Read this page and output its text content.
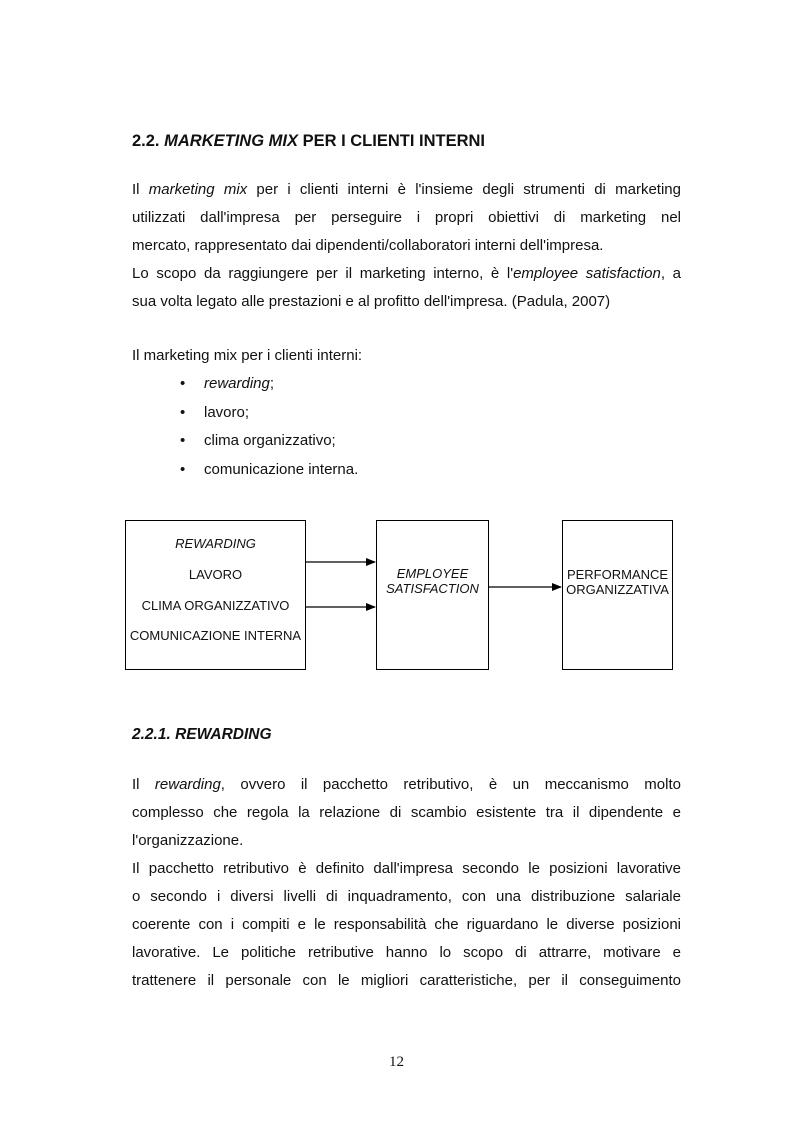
2.2. MARKETING MIX PER I CLIENTI INTERNI
Il marketing mix per i clienti interni è l'insieme degli strumenti di marketing
utilizzati dall'impresa per perseguire i propri obiettivi di marketing nel
mercato, rappresentato dai dipendenti/collaboratori interni dell'impresa.
Lo scopo da raggiungere per il marketing interno, è l'employee satisfaction, a
sua volta legato alle prestazioni e al profitto dell'impresa. (Padula, 2007)
Il marketing mix per i clienti interni:
• rewarding;
• lavoro;
• clima organizzativo;
• comunicazione interna.
REWARDING
LAVORO
CLIMA ORGANIZZATIVO
COMUNICAZIONE INTERNA
EMPLOYEE
SATISFACTION
PERFORMANCE
ORGANIZZATIVA
2.2.1. REWARDING
Il rewarding, ovvero il pacchetto retributivo, è un meccanismo molto
complesso che regola la relazione di scambio esistente tra il dipendente e
l'organizzazione.
Il pacchetto retributivo è definito dall'impresa secondo le posizioni lavorative
o secondo i diversi livelli di inquadramento, con una distribuzione salariale
coerente con i compiti e le responsabilità che riguardano le diverse posizioni
lavorative. Le politiche retributive hanno lo scopo di attrarre, motivare e
trattenere il personale con le migliori caratteristiche, per il conseguimento
12
